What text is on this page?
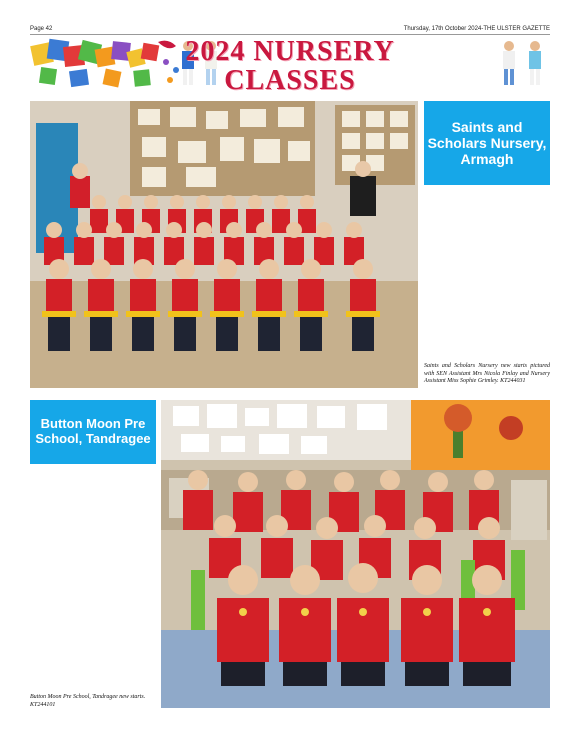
Page 42	Thursday, 17th October 2024-THE ULSTER GAZETTE
2024 NURSERY
CLASSES
Saints and Scholars Nursery, Armagh
Saints and Scholars Nursery new starts pictured with SEN Assistant Mrs Nicola Finlay and Nursery Assistant Miss Sophie Grimley. KT244031
Button Moon Pre School, Tandragee
Button Moon Pre School, Tandragee new starts. KT244101
